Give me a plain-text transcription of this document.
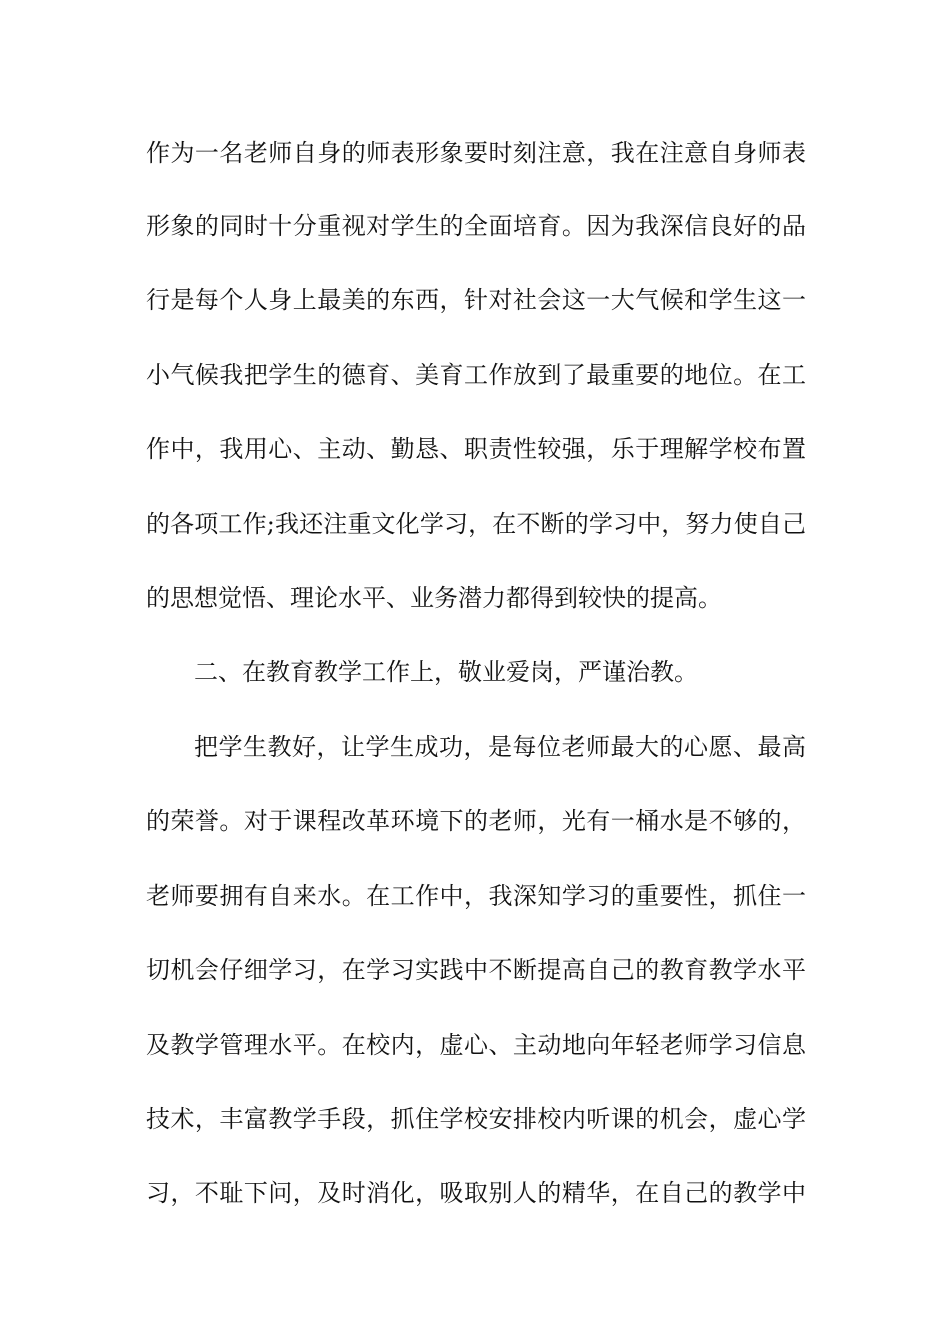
作为一名老师自身的师表形象要时刻注意，我在注意自身师表
形象的同时十分重视对学生的全面培育。因为我深信良好的品
行是每个人身上最美的东西，针对社会这一大气候和学生这一
小气候我把学生的德育、美育工作放到了最重要的地位。在工
作中，我用心、主动、勤恳、职责性较强，乐于理解学校布置
的各项工作;我还注重文化学习，在不断的学习中，努力使自己
的思想觉悟、理论水平、业务潜力都得到较快的提高。
二、在教育教学工作上，敬业爱岗，严谨治教。
把学生教好，让学生成功，是每位老师最大的心愿、最高
的荣誉。对于课程改革环境下的老师，光有一桶水是不够的，
老师要拥有自来水。在工作中，我深知学习的重要性，抓住一
切机会仔细学习，在学习实践中不断提高自己的教育教学水平
及教学管理水平。在校内，虚心、主动地向年轻老师学习信息
技术，丰富教学手段，抓住学校安排校内听课的机会，虚心学
习，不耻下问，及时消化，吸取别人的精华，在自己的教学中
